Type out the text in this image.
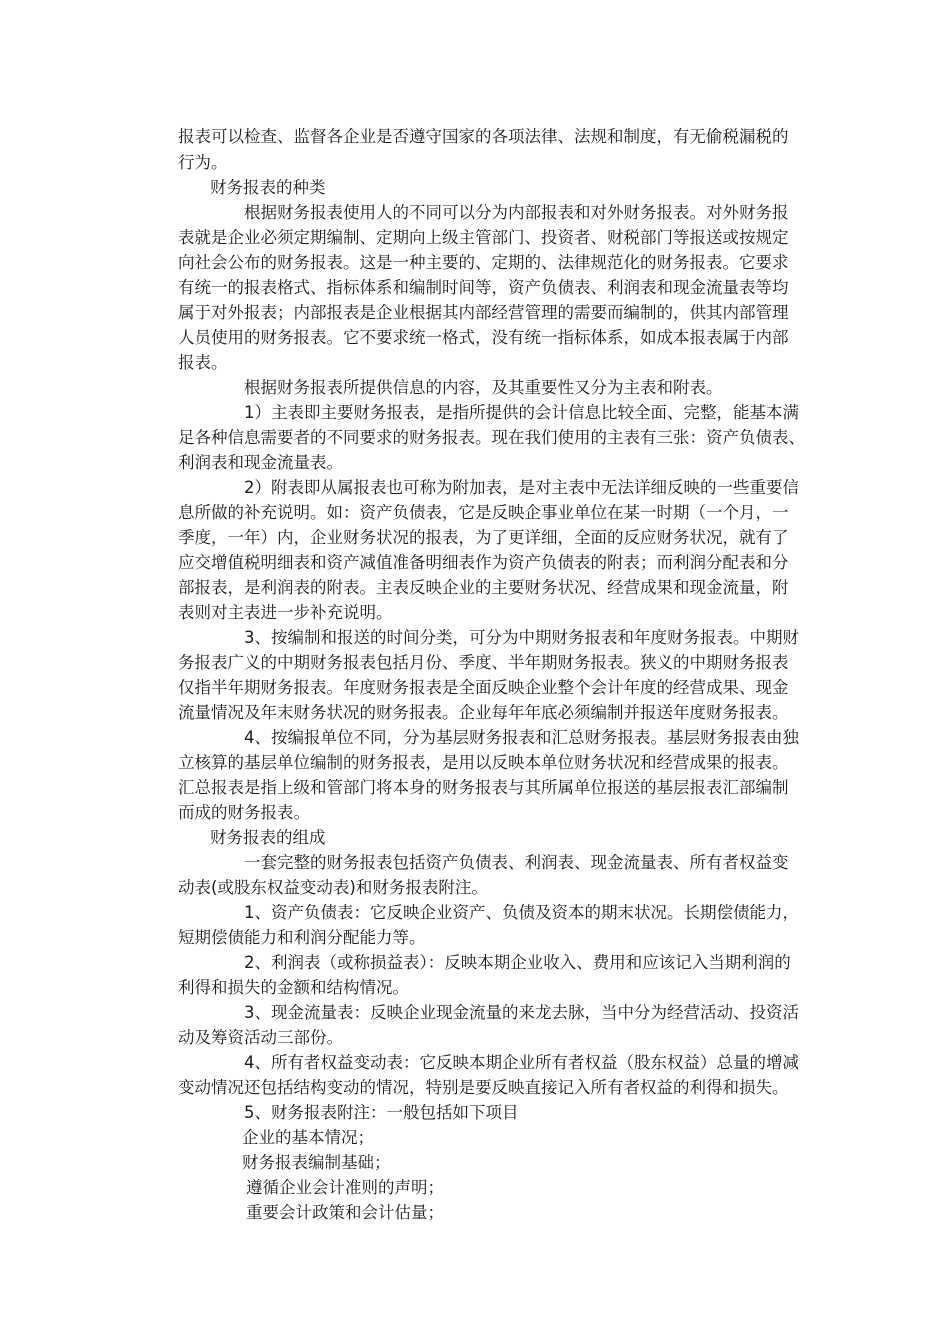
报表可以检查、监督各企业是否遵守国家的各项法律、法规和制度，有无偷税漏税的
行为。
财务报表的种类
根据财务报表使用人的不同可以分为内部报表和对外财务报表。对外财务报
表就是企业必须定期编制、定期向上级主管部门、投资者、财税部门等报送或按规定
向社会公布的财务报表。这是一种主要的、定期的、法律规范化的财务报表。它要求
有统一的报表格式、指标体系和编制时间等，资产负债表、利润表和现金流量表等均
属于对外报表；内部报表是企业根据其内部经营管理的需要而编制的，供其内部管理
人员使用的财务报表。它不要求统一格式，没有统一指标体系，如成本报表属于内部
报表。
根据财务报表所提供信息的内容，及其重要性又分为主表和附表。
1）主表即主要财务报表，是指所提供的会计信息比较全面、完整，能基本满
足各种信息需要者的不同要求的财务报表。现在我们使用的主表有三张：资产负债表、
利润表和现金流量表。
2）附表即从属报表也可称为附加表，是对主表中无法详细反映的一些重要信
息所做的补充说明。如：资产负债表，它是反映企事业单位在某一时期（一个月，一
季度，一年）内，企业财务状况的报表，为了更详细，全面的反应财务状况，就有了
应交增值税明细表和资产减值准备明细表作为资产负债表的附表；而利润分配表和分
部报表，是利润表的附表。主表反映企业的主要财务状况、经营成果和现金流量，附
表则对主表进一步补充说明。
3、按编制和报送的时间分类，可分为中期财务报表和年度财务报表。中期财
务报表广义的中期财务报表包括月份、季度、半年期财务报表。狭义的中期财务报表
仅指半年期财务报表。年度财务报表是全面反映企业整个会计年度的经营成果、现金
流量情况及年末财务状况的财务报表。企业每年年底必须编制并报送年度财务报表。
4、按编报单位不同，分为基层财务报表和汇总财务报表。基层财务报表由独
立核算的基层单位编制的财务报表，是用以反映本单位财务状况和经营成果的报表。
汇总报表是指上级和管部门将本身的财务报表与其所属单位报送的基层报表汇部编制
而成的财务报表。
财务报表的组成
一套完整的财务报表包括资产负债表、利润表、现金流量表、所有者权益变
动表(或股东权益变动表)和财务报表附注。
1、资产负债表：它反映企业资产、负债及资本的期末状况。长期偿债能力，
短期偿债能力和利润分配能力等。
2、利润表（或称损益表）：反映本期企业收入、费用和应该记入当期利润的
利得和损失的金额和结构情况。
3、现金流量表：反映企业现金流量的来龙去脉，当中分为经营活动、投资活
动及筹资活动三部份。
4、所有者权益变动表：它反映本期企业所有者权益（股东权益）总量的增减
变动情况还包括结构变动的情况，特别是要反映直接记入所有者权益的利得和损失。
5、财务报表附注：一般包括如下项目
企业的基本情况；
财务报表编制基础；
遵循企业会计准则的声明；
重要会计政策和会计估量；
